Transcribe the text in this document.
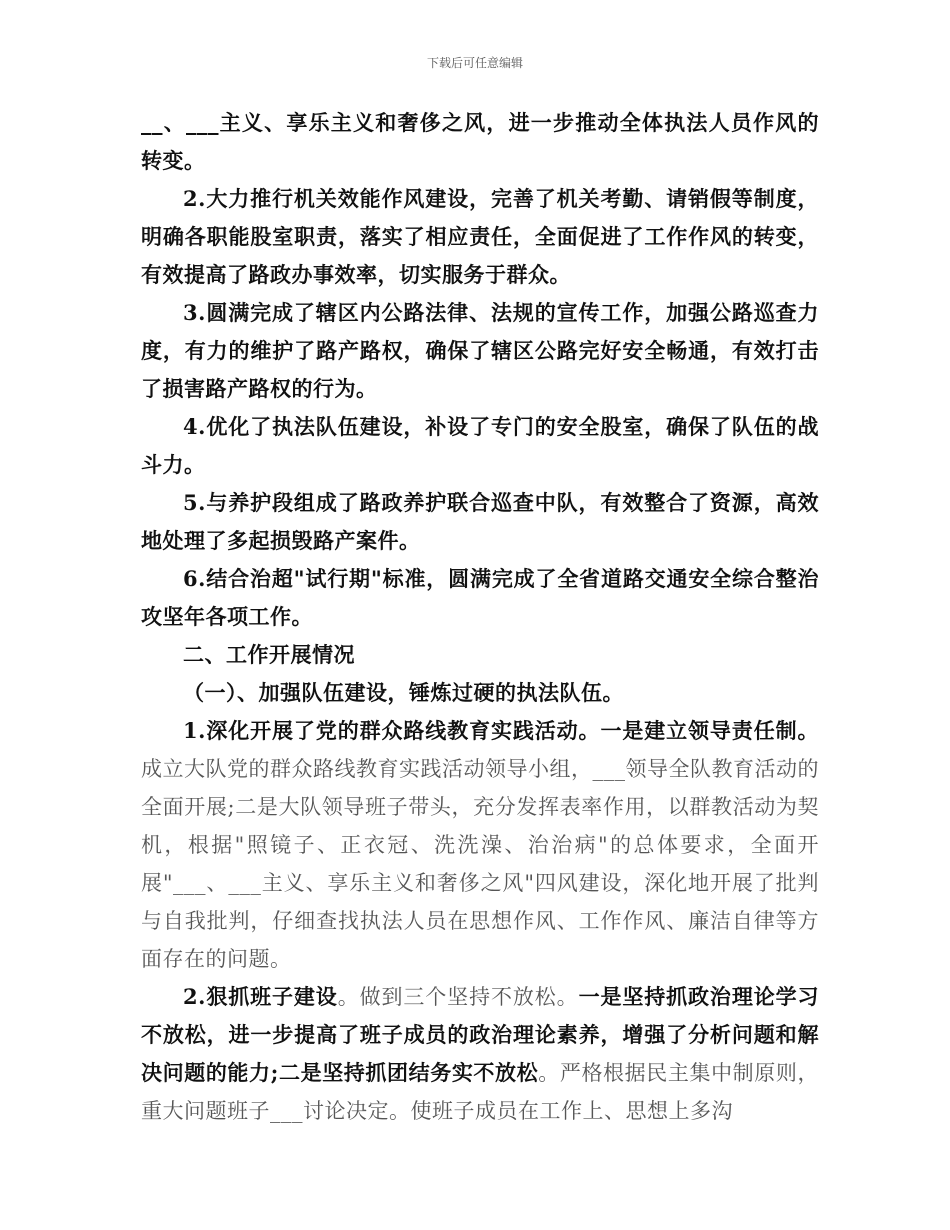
下载后可任意编辑

__、___主义、享乐主义和奢侈之风，进一步推动全体执法人员作风的转变。

2.大力推行机关效能作风建设，完善了机关考勤、请销假等制度，明确各职能股室职责，落实了相应责任，全面促进了工作作风的转变，有效提高了路政办事效率，切实服务于群众。

3.圆满完成了辖区内公路法律、法规的宣传工作，加强公路巡查力度，有力的维护了路产路权，确保了辖区公路完好安全畅通，有效打击了损害路产路权的行为。

4.优化了执法队伍建设，补设了专门的安全股室，确保了队伍的战斗力。

5.与养护段组成了路政养护联合巡查中队，有效整合了资源，高效地处理了多起损毁路产案件。

6.结合治超"试行期"标准，圆满完成了全省道路交通安全综合整治攻坚年各项工作。

二、工作开展情况

（一）、加强队伍建设，锤炼过硬的执法队伍。

1.深化开展了党的群众路线教育实践活动。一是建立领导责任制。成立大队党的群众路线教育实践活动领导小组，___领导全队教育活动的全面开展;二是大队领导班子带头，充分发挥表率作用，以群教活动为契机，根据"照镜子、正衣冠、洗洗澡、治治病"的总体要求，全面开展"___、___主义、享乐主义和奢侈之风"四风建设，深化地开展了批判与自我批判，仔细查找执法人员在思想作风、工作作风、廉洁自律等方面存在的问题。

2.狠抓班子建设。做到三个坚持不放松。一是坚持抓政治理论学习不放松，进一步提高了班子成员的政治理论素养，增强了分析问题和解决问题的能力;二是坚持抓团结务实不放松。严格根据民主集中制原则，重大问题班子___讨论决定。使班子成员在工作上、思想上多沟
